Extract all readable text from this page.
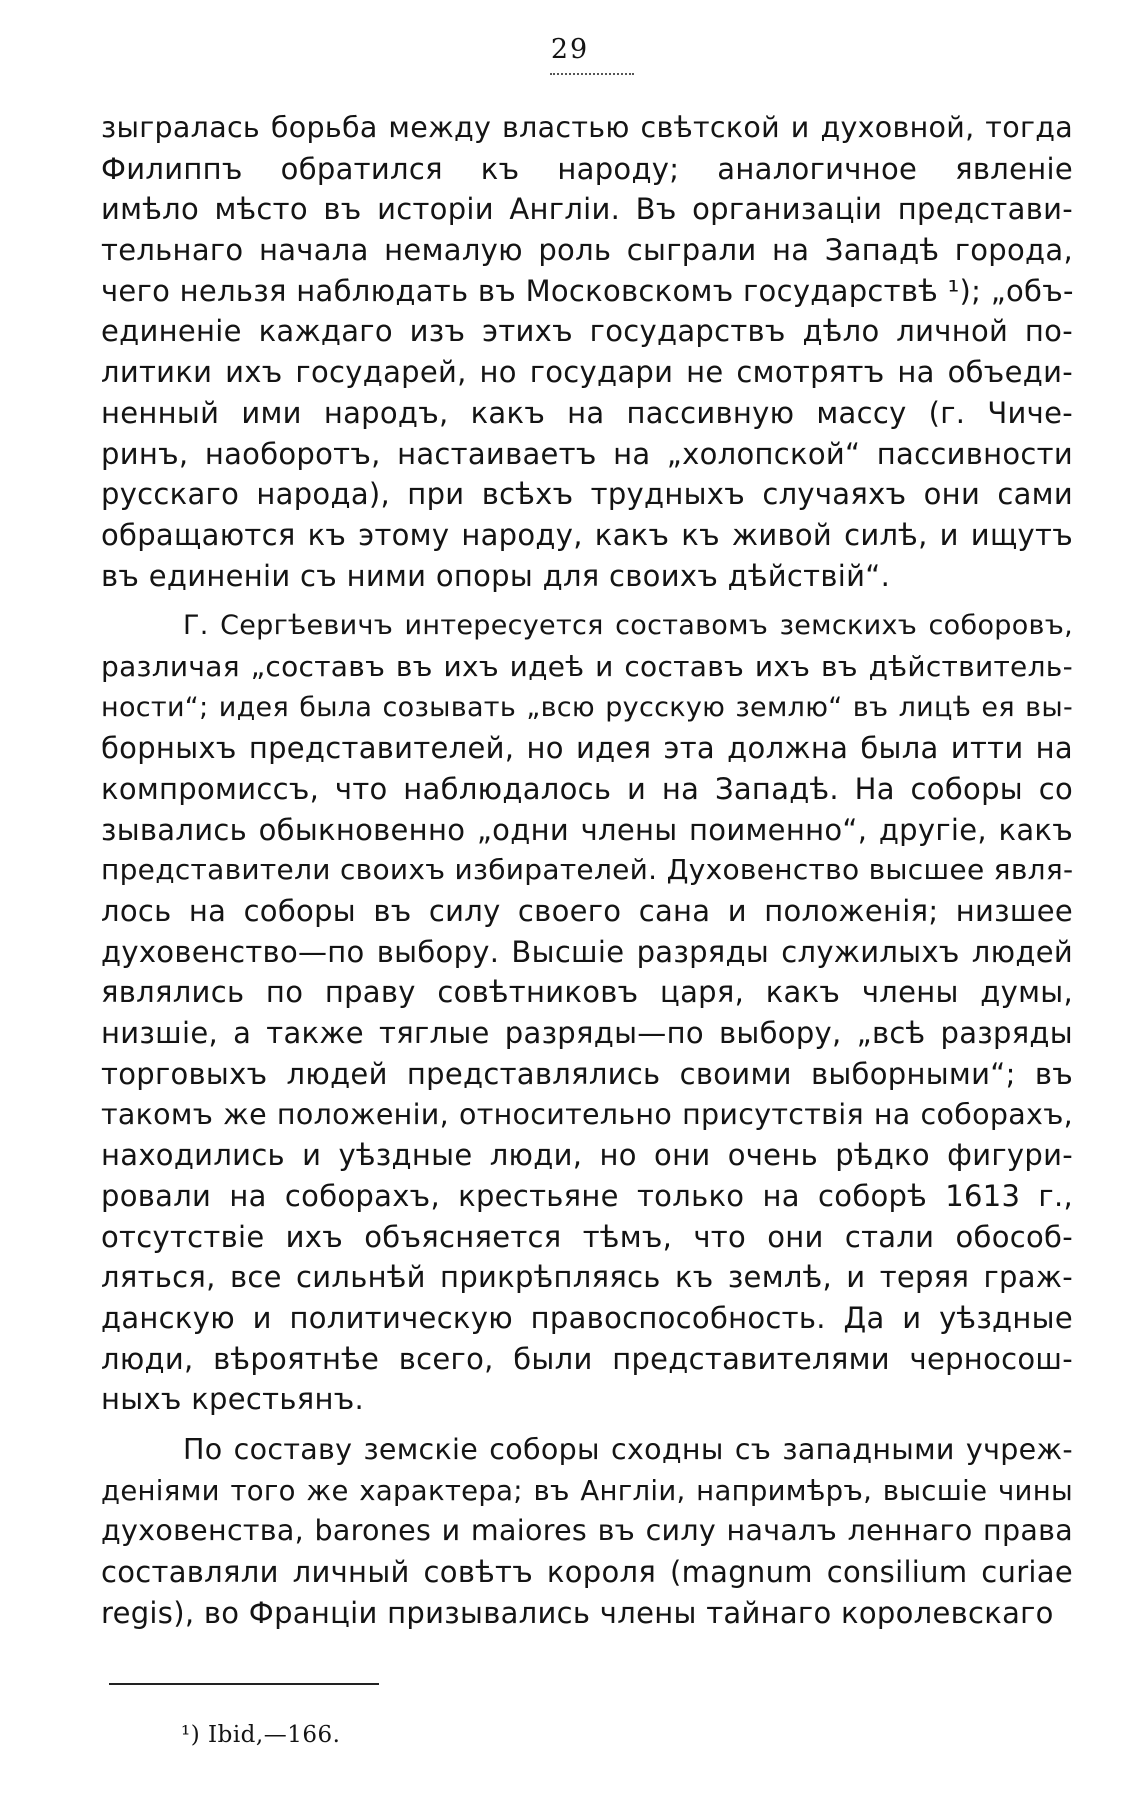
29
зыгралась борьба между властью свѣтской и духовной, тогда
Филиппъ обратился къ народу; аналогичное явленіе
имѣло мѣсто въ исторіи Англіи. Въ организаціи представи-
тельнаго начала немалую роль сыграли на Западѣ города,
чего нельзя наблюдать въ Московскомъ государствѣ ¹); „объ-
единеніе каждаго изъ этихъ государствъ дѣло личной по-
литики ихъ государей, но государи не смотрятъ на объеди-
ненный ими народъ, какъ на пассивную массу (г. Чиче-
ринъ, наоборотъ, настаиваетъ на „холопской“ пассивности
русскаго народа), при всѣхъ трудныхъ случаяхъ они сами
обращаются къ этому народу, какъ къ живой силѣ, и ищутъ
въ единеніи съ ними опоры для своихъ дѣйствій“.
Г. Сергѣевичъ интересуется составомъ земскихъ соборовъ,
различая „составъ въ ихъ идеѣ и составъ ихъ въ дѣйствитель-
ности“; идея была созывать „всю русскую землю“ въ лицѣ ея вы-
борныхъ представителей, но идея эта должна была итти на
компромиссъ, что наблюдалось и на Западѣ. На соборы со
зывались обыкновенно „одни члены поименно“, другіе, какъ
представители своихъ избирателей. Духовенство высшее явля-
лось на соборы въ силу своего сана и положенія; низшее
духовенство—по выбору. Высшіе разряды служилыхъ людей
являлись по праву совѣтниковъ царя, какъ члены думы,
низшіе, а также тяглые разряды—по выбору, „всѣ разряды
торговыхъ людей представлялись своими выборными“; въ
такомъ же положеніи, относительно присутствія на соборахъ,
находились и уѣздные люди, но они очень рѣдко фигури-
ровали на соборахъ, крестьяне только на соборѣ 1613 г.,
отсутствіе ихъ объясняется тѣмъ, что они стали обособ-
ляться, все сильнѣй прикрѣпляясь къ землѣ, и теряя граж-
данскую и политическую правоспособность. Да и уѣздные
люди, вѣроятнѣе всего, были представителями черносош-
ныхъ крестьянъ.
По составу земскіе соборы сходны съ западными учреж-
деніями того же характера; въ Англіи, напримѣръ, высшіе чины
духовенства, barones и maiores въ силу началъ леннаго права
составляли личный совѣтъ короля (magnum consilium curiae
regis), во Франціи призывались члены тайнаго королевскаго
¹) Ibid,—166.
